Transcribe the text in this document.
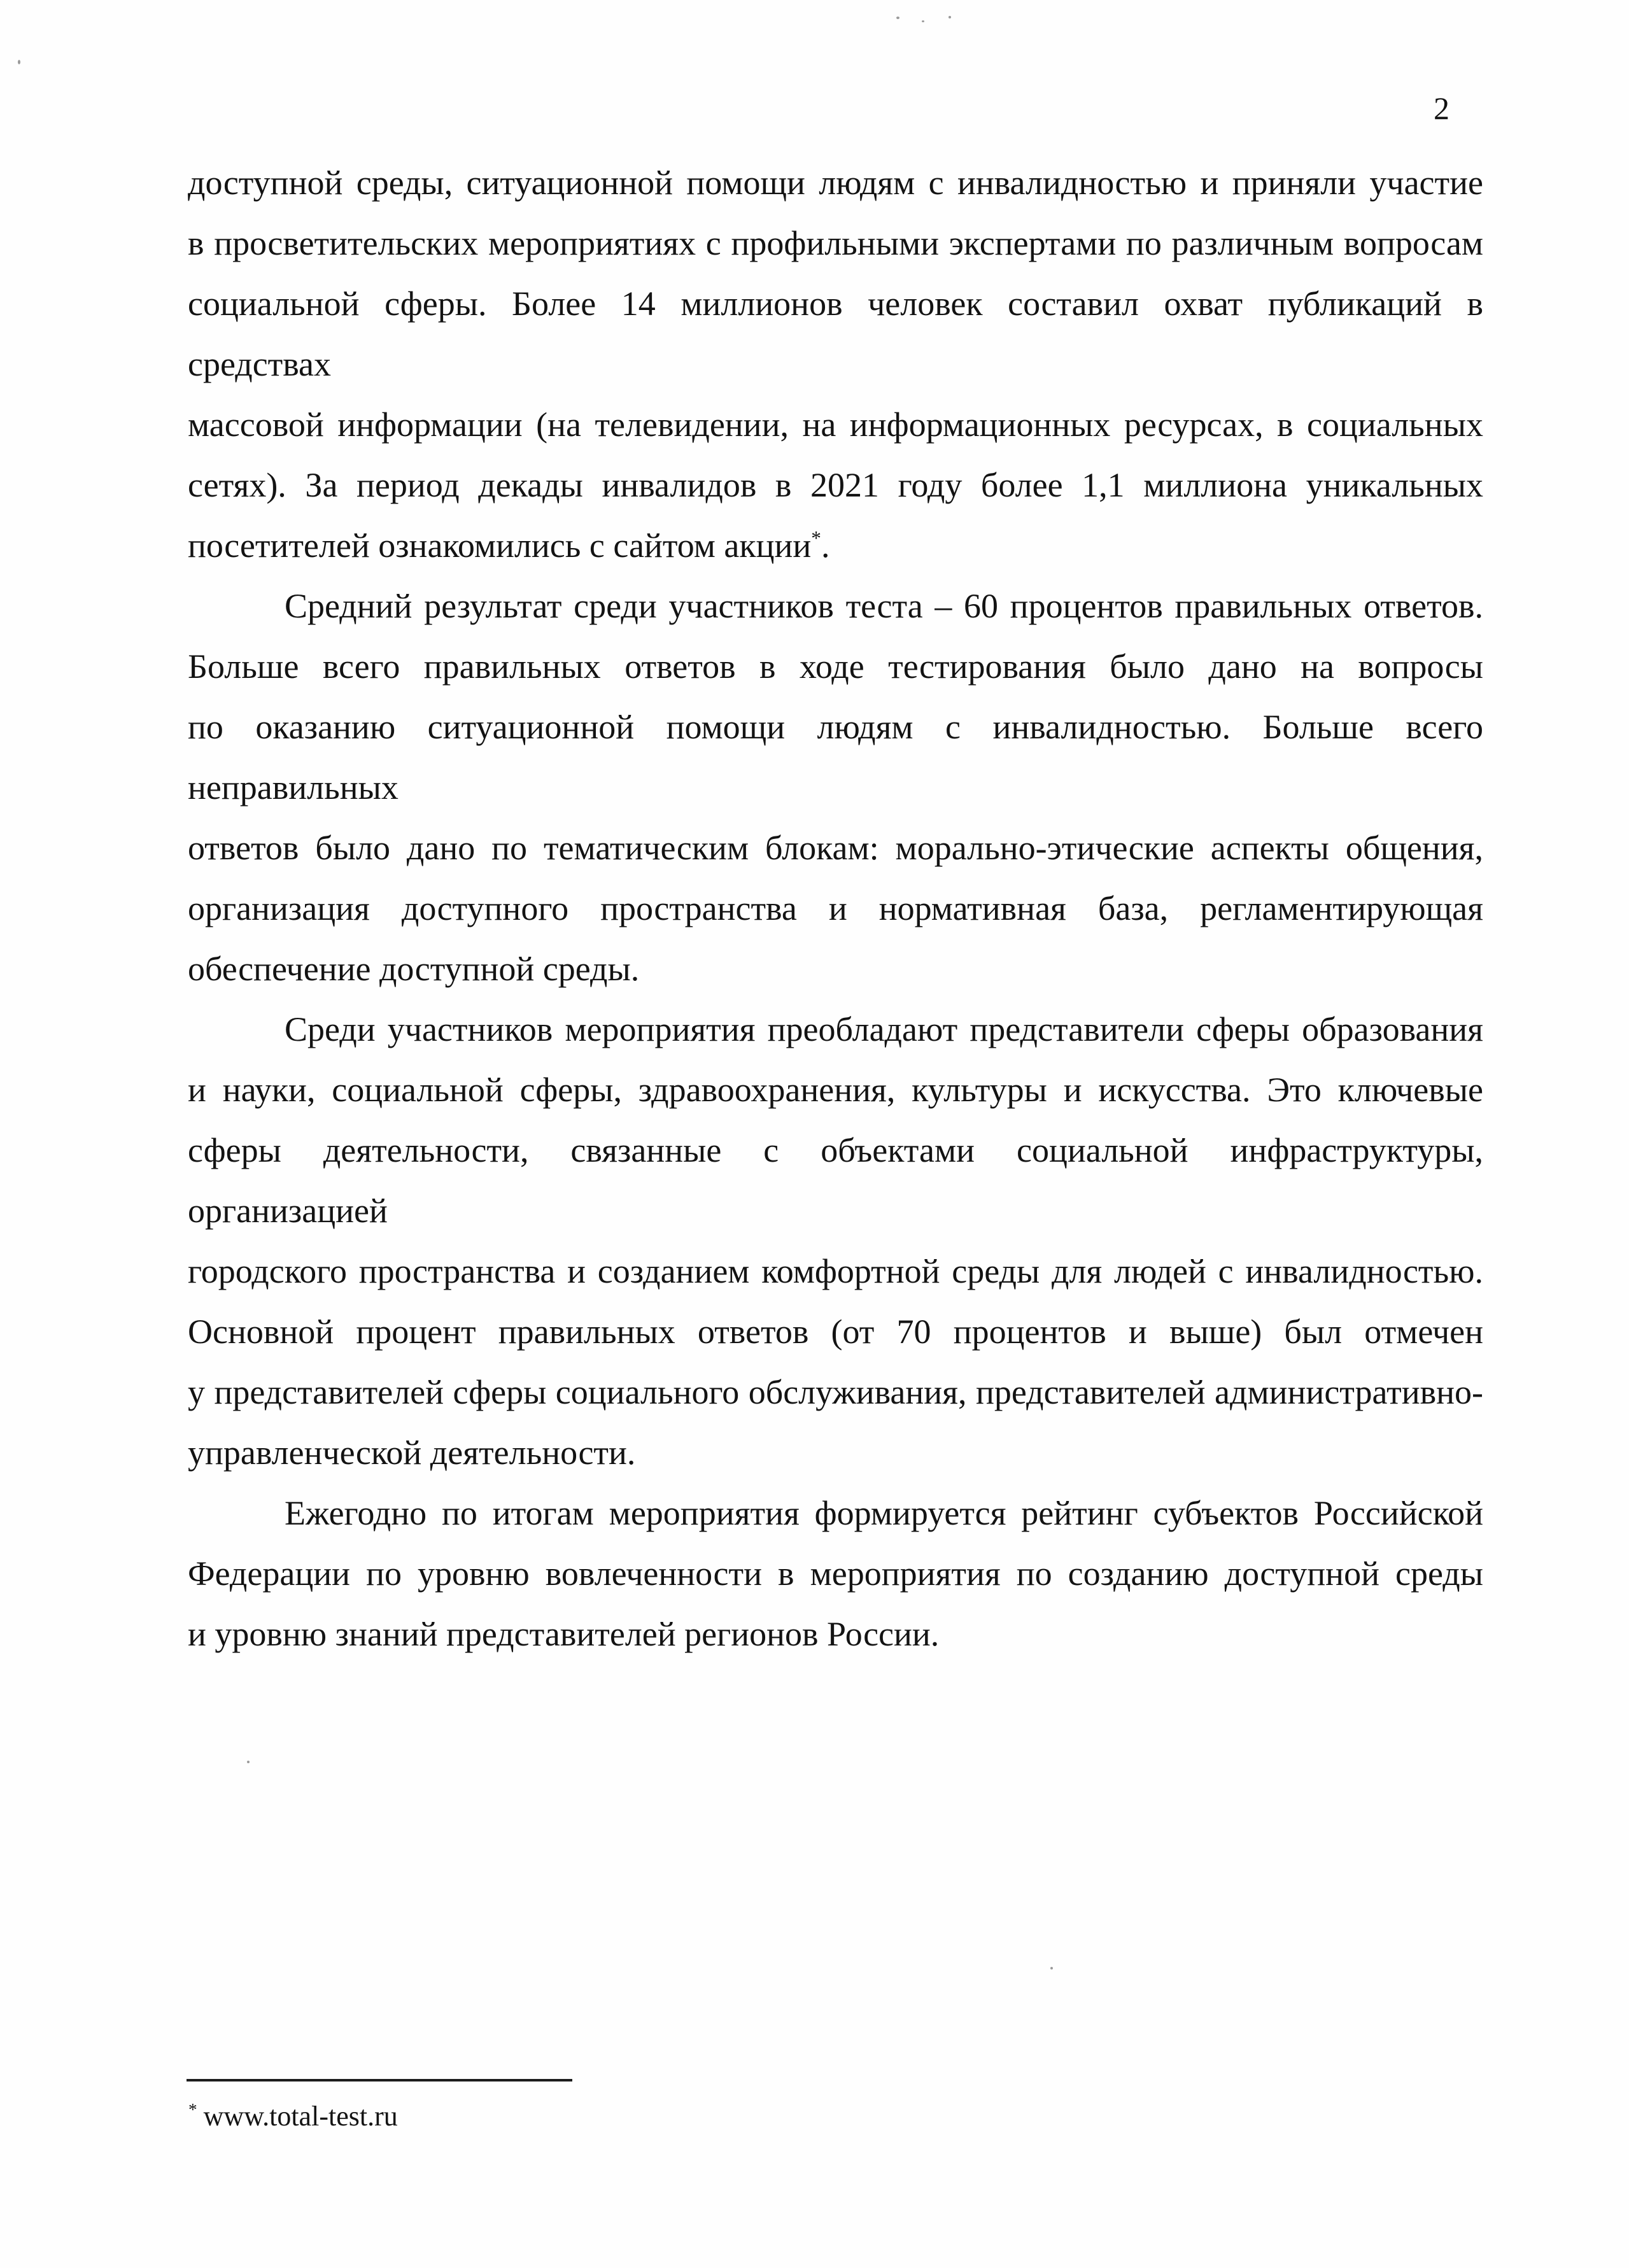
2
доступной среды, ситуационной помощи людям с инвалидностью и приняли участие
в просветительских мероприятиях с профильными экспертами по различным вопросам
социальной сферы. Более 14 миллионов человек составил охват публикаций в средствах
массовой информации (на телевидении, на информационных ресурсах, в социальных
сетях). За период декады инвалидов в 2021 году более 1,1 миллиона уникальных
посетителей ознакомились с сайтом акции*.
Средний результат среди участников теста – 60 процентов правильных ответов.
Больше всего правильных ответов в ходе тестирования было дано на вопросы
по оказанию ситуационной помощи людям с инвалидностью. Больше всего неправильных
ответов было дано по тематическим блокам: морально-этические аспекты общения,
организация доступного пространства и нормативная база, регламентирующая
обеспечение доступной среды.
Среди участников мероприятия преобладают представители сферы образования
и науки, социальной сферы, здравоохранения, культуры и искусства. Это ключевые
сферы деятельности, связанные с объектами социальной инфраструктуры, организацией
городского пространства и созданием комфортной среды для людей с инвалидностью.
Основной процент правильных ответов (от 70 процентов и выше) был отмечен
у представителей сферы социального обслуживания, представителей административно-
управленческой деятельности.
Ежегодно по итогам мероприятия формируется рейтинг субъектов Российской
Федерации по уровню вовлеченности в мероприятия по созданию доступной среды
и уровню знаний представителей регионов России.
* www.total-test.ru
